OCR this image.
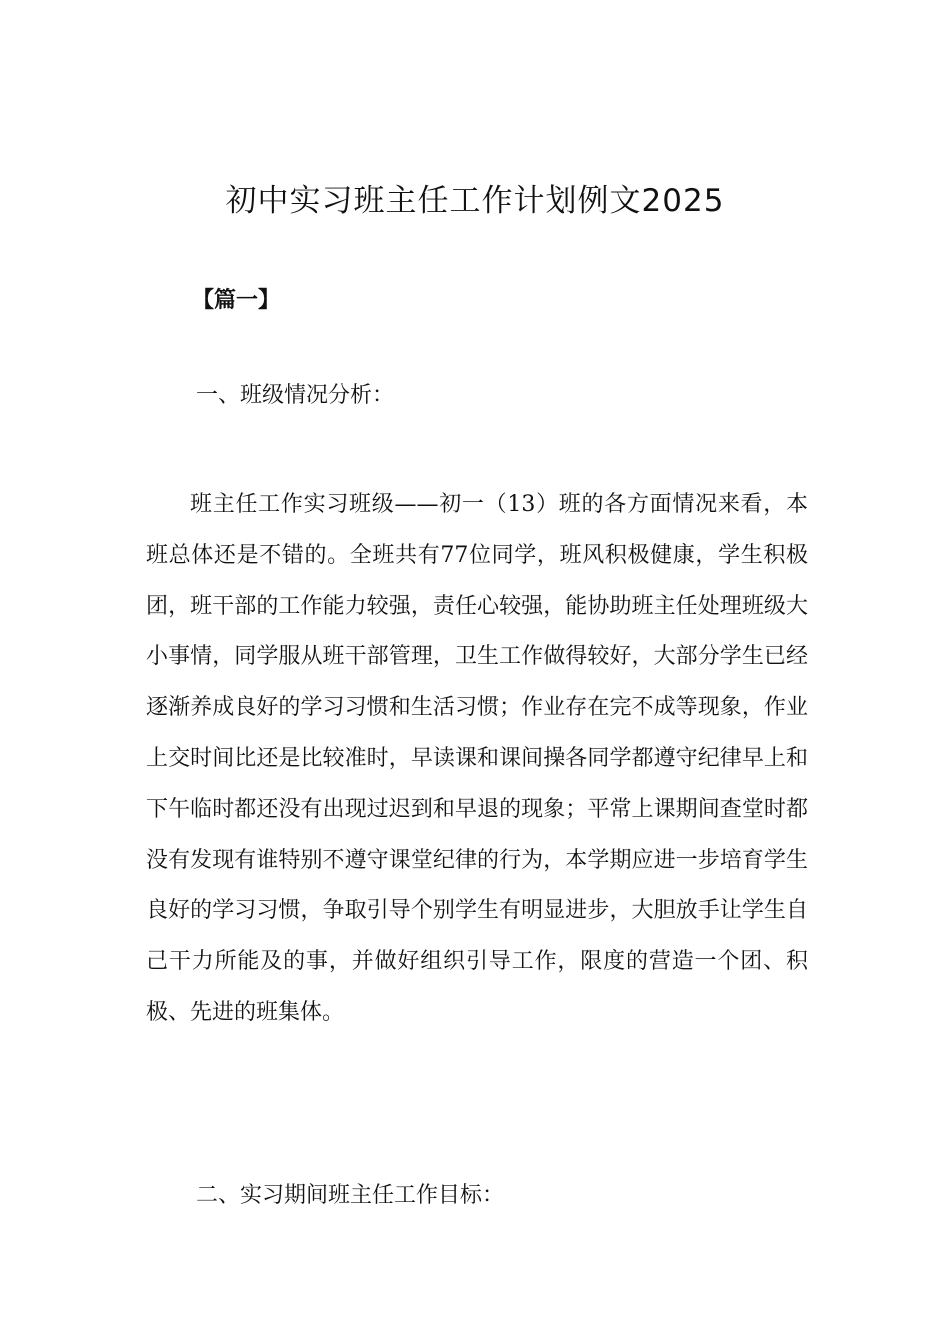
初中实习班主任工作计划例文2025
【篇一】
一、班级情况分析：

班主任工作实习班级——初一（13）班的各方面情况来看，本班总体还是不错的。全班共有77位同学，班风积极健康，学生积极团，班干部的工作能力较强，责任心较强，能协助班主任处理班级大小事情，同学服从班干部管理，卫生工作做得较好，大部分学生已经逐渐养成良好的学习习惯和生活习惯；作业存在完不成等现象，作业上交时间比还是比较准时，早读课和课间操各同学都遵守纪律早上和下午临时都还没有出现过迟到和早退的现象；平常上课期间查堂时都没有发现有谁特别不遵守课堂纪律的行为，本学期应进一步培育学生良好的学习习惯，争取引导个别学生有明显进步，大胆放手让学生自己干力所能及的事，并做好组织引导工作，限度的营造一个团、积极、先进的班集体。

二、实习期间班主任工作目标：
